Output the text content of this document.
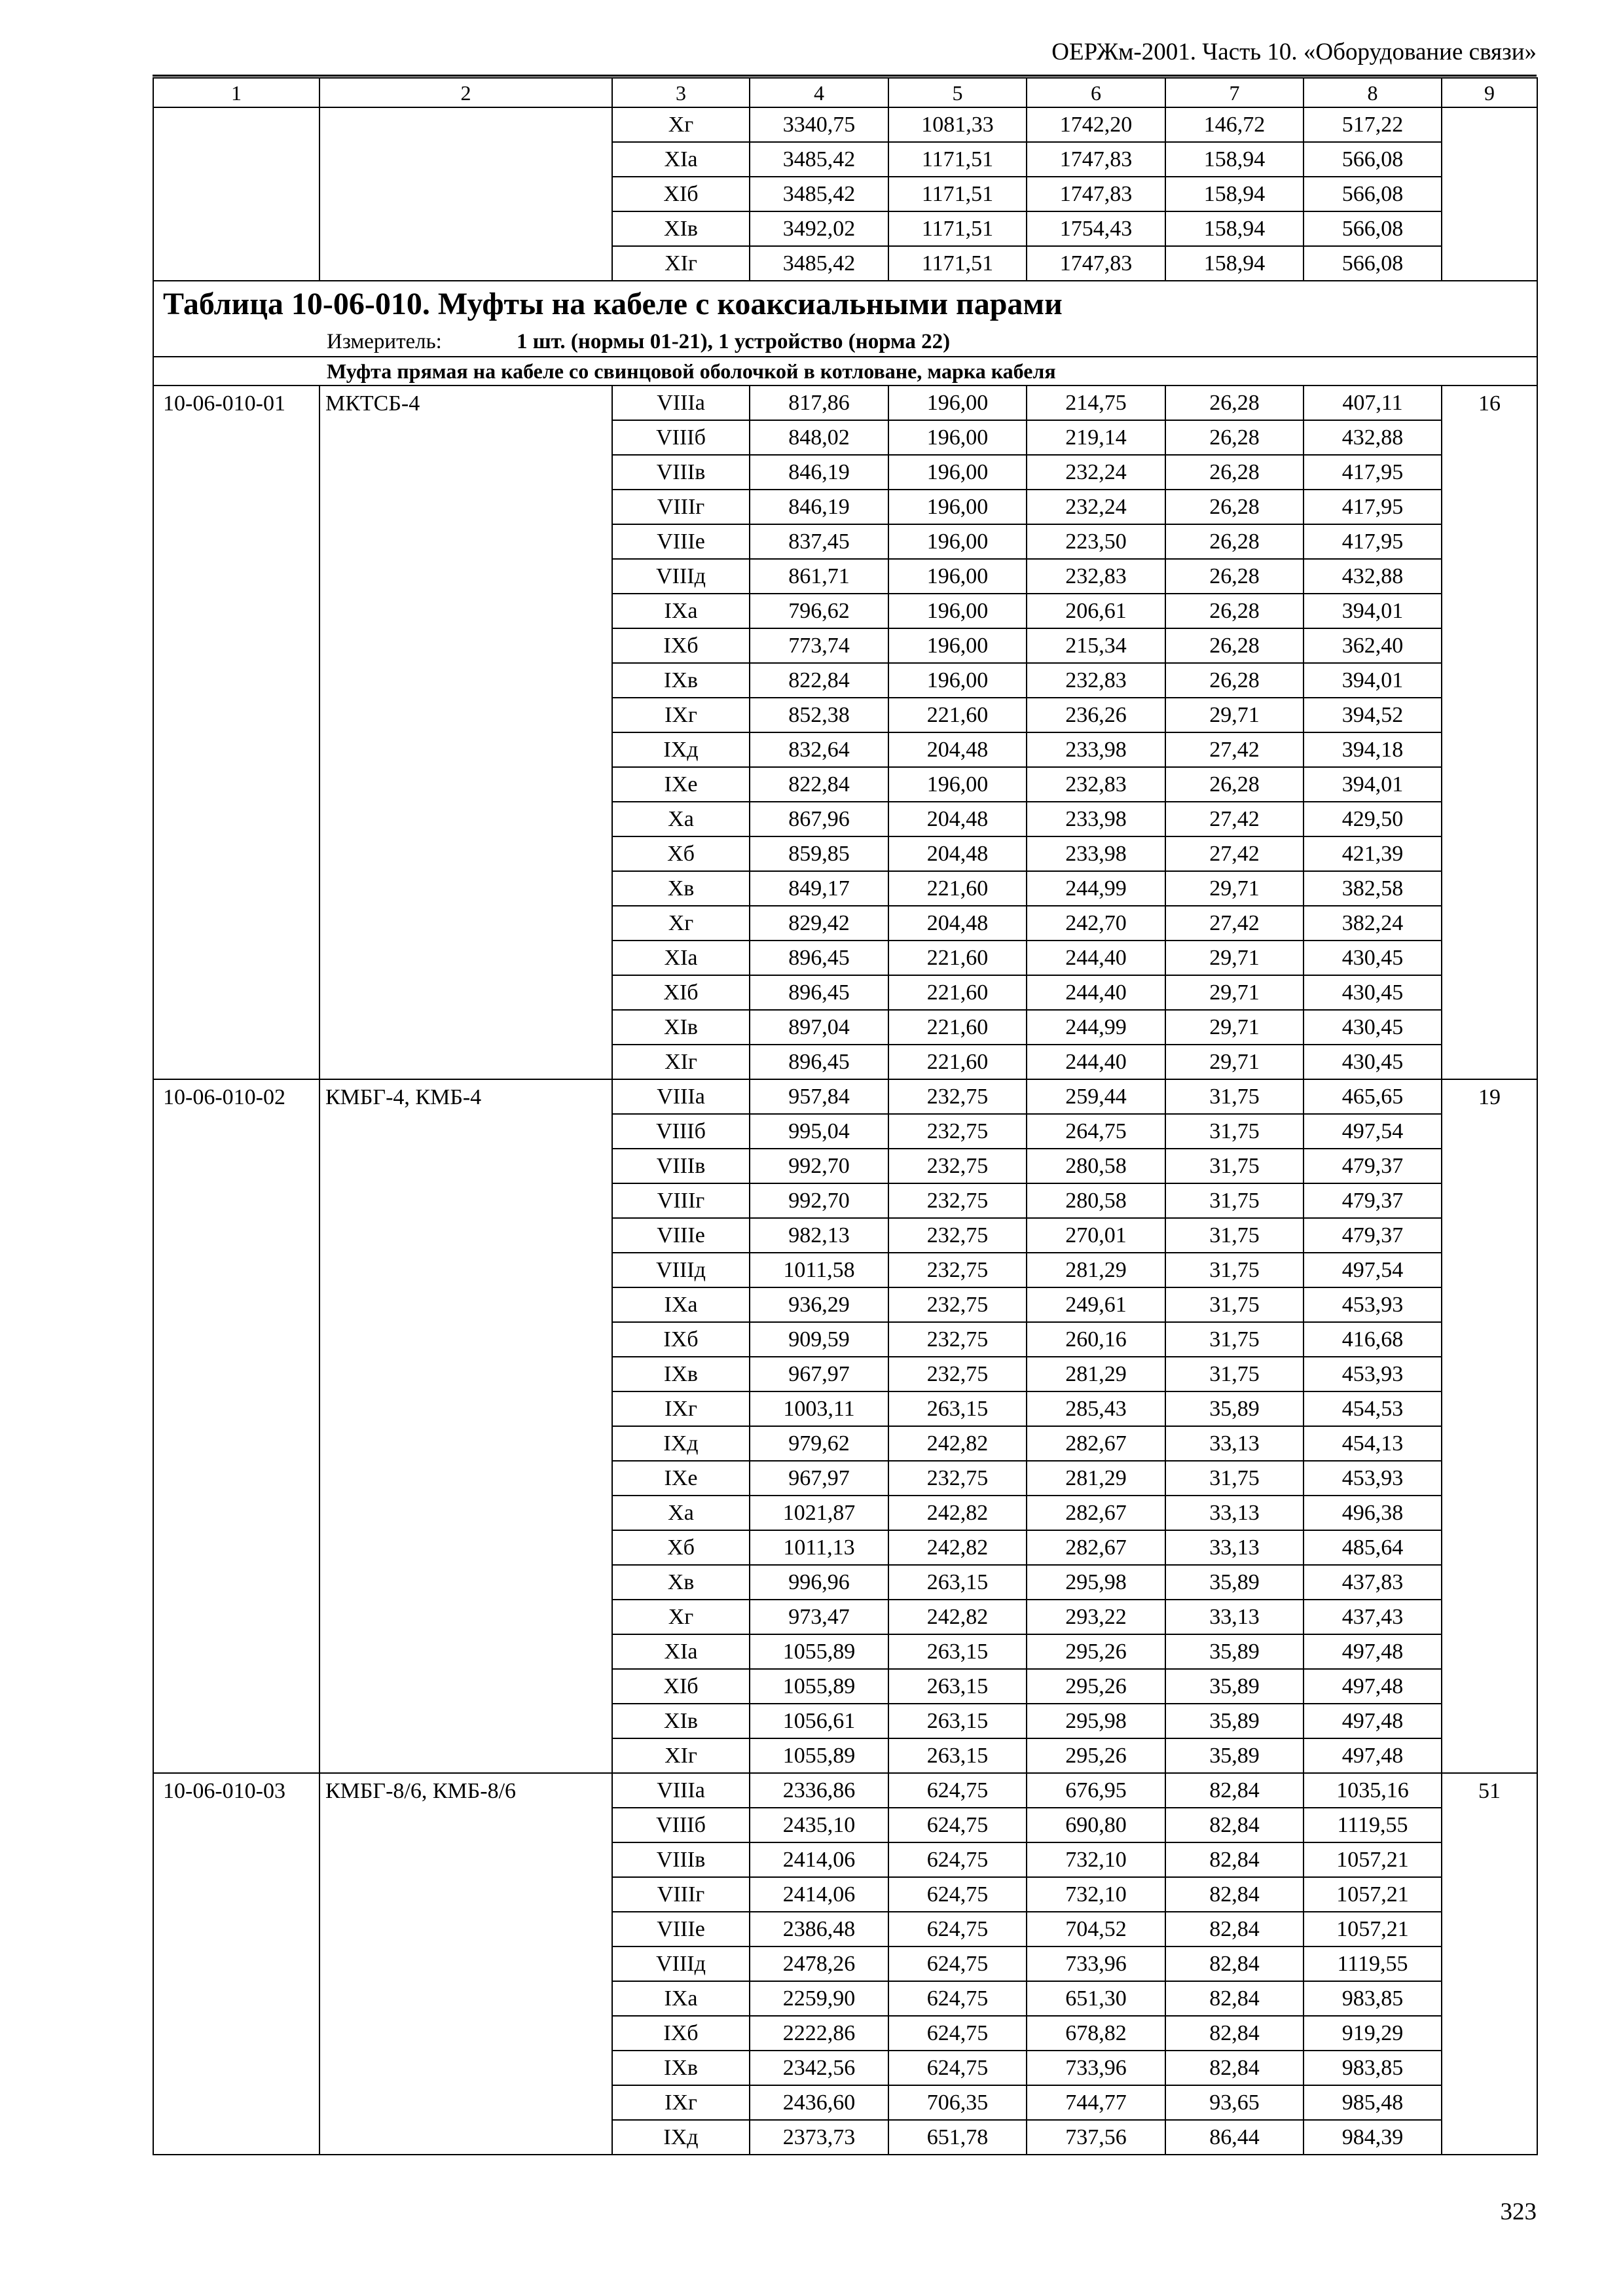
ОЕРЖм-2001. Часть 10. «Оборудование связи»
1	2	3	4	5	6	7	8	9
		Xг	3340,75	1081,33	1742,20	146,72	517,22	
		XIа	3485,42	1171,51	1747,83	158,94	566,08	
		XIб	3485,42	1171,51	1747,83	158,94	566,08	
		XIв	3492,02	1171,51	1754,43	158,94	566,08	
		XIг	3485,42	1171,51	1747,83	158,94	566,08	
Таблица 10-06-010. Муфты на кабеле с коаксиальными парами								
Измеритель: 1 шт. (нормы 01-21), 1 устройство (норма 22)								
Муфта прямая на кабеле со свинцовой оболочкой в котловане, марка кабеля								
10-06-010-01	МКТСБ-4	VIIIа	817,86	196,00	214,75	26,28	407,11	16
		VIIIб	848,02	196,00	219,14	26,28	432,88	
		VIIIв	846,19	196,00	232,24	26,28	417,95	
		VIIIг	846,19	196,00	232,24	26,28	417,95	
		VIIIе	837,45	196,00	223,50	26,28	417,95	
		VIIIд	861,71	196,00	232,83	26,28	432,88	
		IXа	796,62	196,00	206,61	26,28	394,01	
		IXб	773,74	196,00	215,34	26,28	362,40	
		IXв	822,84	196,00	232,83	26,28	394,01	
		IXг	852,38	221,60	236,26	29,71	394,52	
		IXд	832,64	204,48	233,98	27,42	394,18	
		IXе	822,84	196,00	232,83	26,28	394,01	
		Xа	867,96	204,48	233,98	27,42	429,50	
		Xб	859,85	204,48	233,98	27,42	421,39	
		Xв	849,17	221,60	244,99	29,71	382,58	
		Xг	829,42	204,48	242,70	27,42	382,24	
		XIа	896,45	221,60	244,40	29,71	430,45	
		XIб	896,45	221,60	244,40	29,71	430,45	
		XIв	897,04	221,60	244,99	29,71	430,45	
		XIг	896,45	221,60	244,40	29,71	430,45	
10-06-010-02	КМБГ-4, КМБ-4	VIIIа	957,84	232,75	259,44	31,75	465,65	19
		VIIIб	995,04	232,75	264,75	31,75	497,54	
		VIIIв	992,70	232,75	280,58	31,75	479,37	
		VIIIг	992,70	232,75	280,58	31,75	479,37	
		VIIIе	982,13	232,75	270,01	31,75	479,37	
		VIIIд	1011,58	232,75	281,29	31,75	497,54	
		IXа	936,29	232,75	249,61	31,75	453,93	
		IXб	909,59	232,75	260,16	31,75	416,68	
		IXв	967,97	232,75	281,29	31,75	453,93	
		IXг	1003,11	263,15	285,43	35,89	454,53	
		IXд	979,62	242,82	282,67	33,13	454,13	
		IXе	967,97	232,75	281,29	31,75	453,93	
		Xа	1021,87	242,82	282,67	33,13	496,38	
		Xб	1011,13	242,82	282,67	33,13	485,64	
		Xв	996,96	263,15	295,98	35,89	437,83	
		Xг	973,47	242,82	293,22	33,13	437,43	
		XIа	1055,89	263,15	295,26	35,89	497,48	
		XIб	1055,89	263,15	295,26	35,89	497,48	
		XIв	1056,61	263,15	295,98	35,89	497,48	
		XIг	1055,89	263,15	295,26	35,89	497,48	
10-06-010-03	КМБГ-8/6, КМБ-8/6	VIIIа	2336,86	624,75	676,95	82,84	1035,16	51
		VIIIб	2435,10	624,75	690,80	82,84	1119,55	
		VIIIв	2414,06	624,75	732,10	82,84	1057,21	
		VIIIг	2414,06	624,75	732,10	82,84	1057,21	
		VIIIе	2386,48	624,75	704,52	82,84	1057,21	
		VIIIд	2478,26	624,75	733,96	82,84	1119,55	
		IXа	2259,90	624,75	651,30	82,84	983,85	
		IXб	2222,86	624,75	678,82	82,84	919,29	
		IXв	2342,56	624,75	733,96	82,84	983,85	
		IXг	2436,60	706,35	744,77	93,65	985,48	
		IXд	2373,73	651,78	737,56	86,44	984,39	
323
